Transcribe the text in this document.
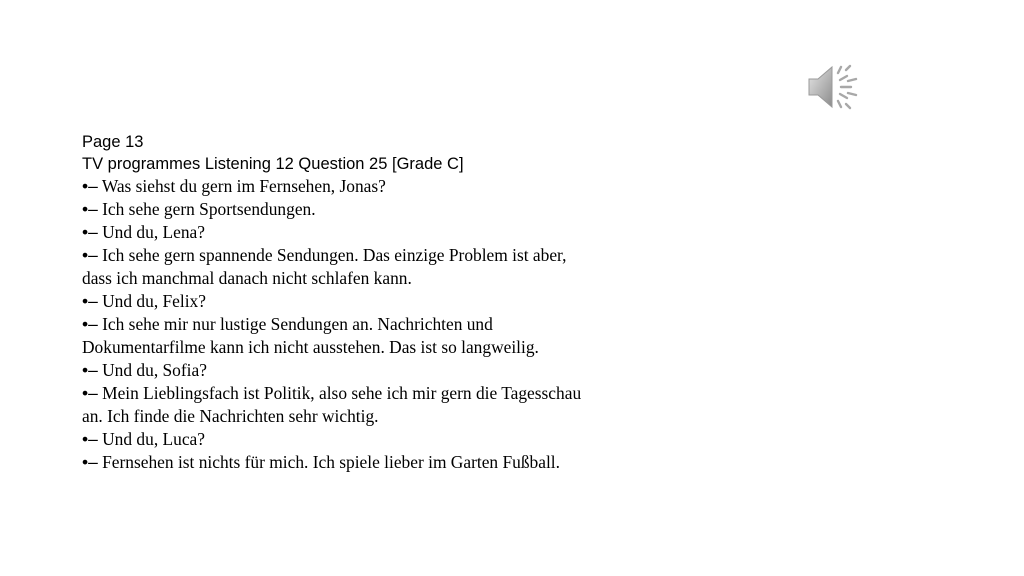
Page 13
TV programmes Listening 12 Question 25 [Grade C]
•– Was siehst du gern im Fernsehen, Jonas?
•– Ich sehe gern Sportsendungen.
•– Und du, Lena?
•– Ich sehe gern spannende Sendungen. Das einzige Problem ist aber, dass ich manchmal danach nicht schlafen kann.
•– Und du, Felix?
•– Ich sehe mir nur lustige Sendungen an. Nachrichten und Dokumentarfilme kann ich nicht ausstehen. Das ist so langweilig.
•– Und du, Sofia?
•– Mein Lieblingsfach ist Politik, also sehe ich mir gern die Tagesschau an. Ich finde die Nachrichten sehr wichtig.
•– Und du, Luca?
•– Fernsehen ist nichts für mich. Ich spiele lieber im Garten Fußball.
